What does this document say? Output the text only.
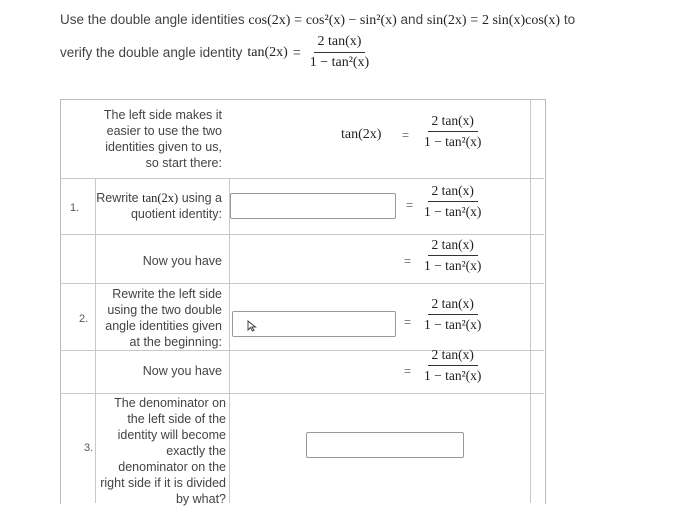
Use the double angle identities cos(2x) = cos²(x) − sin²(x) and sin(2x) = 2 sin(x)cos(x) to
verify the double angle identity $\tan(2x) = \frac{2 \tan(x)}{\text{1 − tan²(x)}}$
The left side makes it easier to use the two identities given to us, so start there:
$\tan(2x) = \frac{2 \tan(x)}{\text{1 − tan²(x)}}$
1.
Rewrite tan(2x) using a quotient identity:
= $\frac{2 \tan(x)}{\text{1 − tan²(x)}}$
Now you have	= $\frac{2 \tan(x)}{\text{1 − tan²(x)}}$
2.
Rewrite the left side using the two double angle identities given at the beginning:
= $\frac{2 \tan(x)}{\text{1 − tan²(x)}}$
Now you have	= $\frac{2 \tan(x)}{\text{1 − tan²(x)}}$
3.
The denominator on the left side of the identity will become exactly the denominator on the right side if it is divided by what?
